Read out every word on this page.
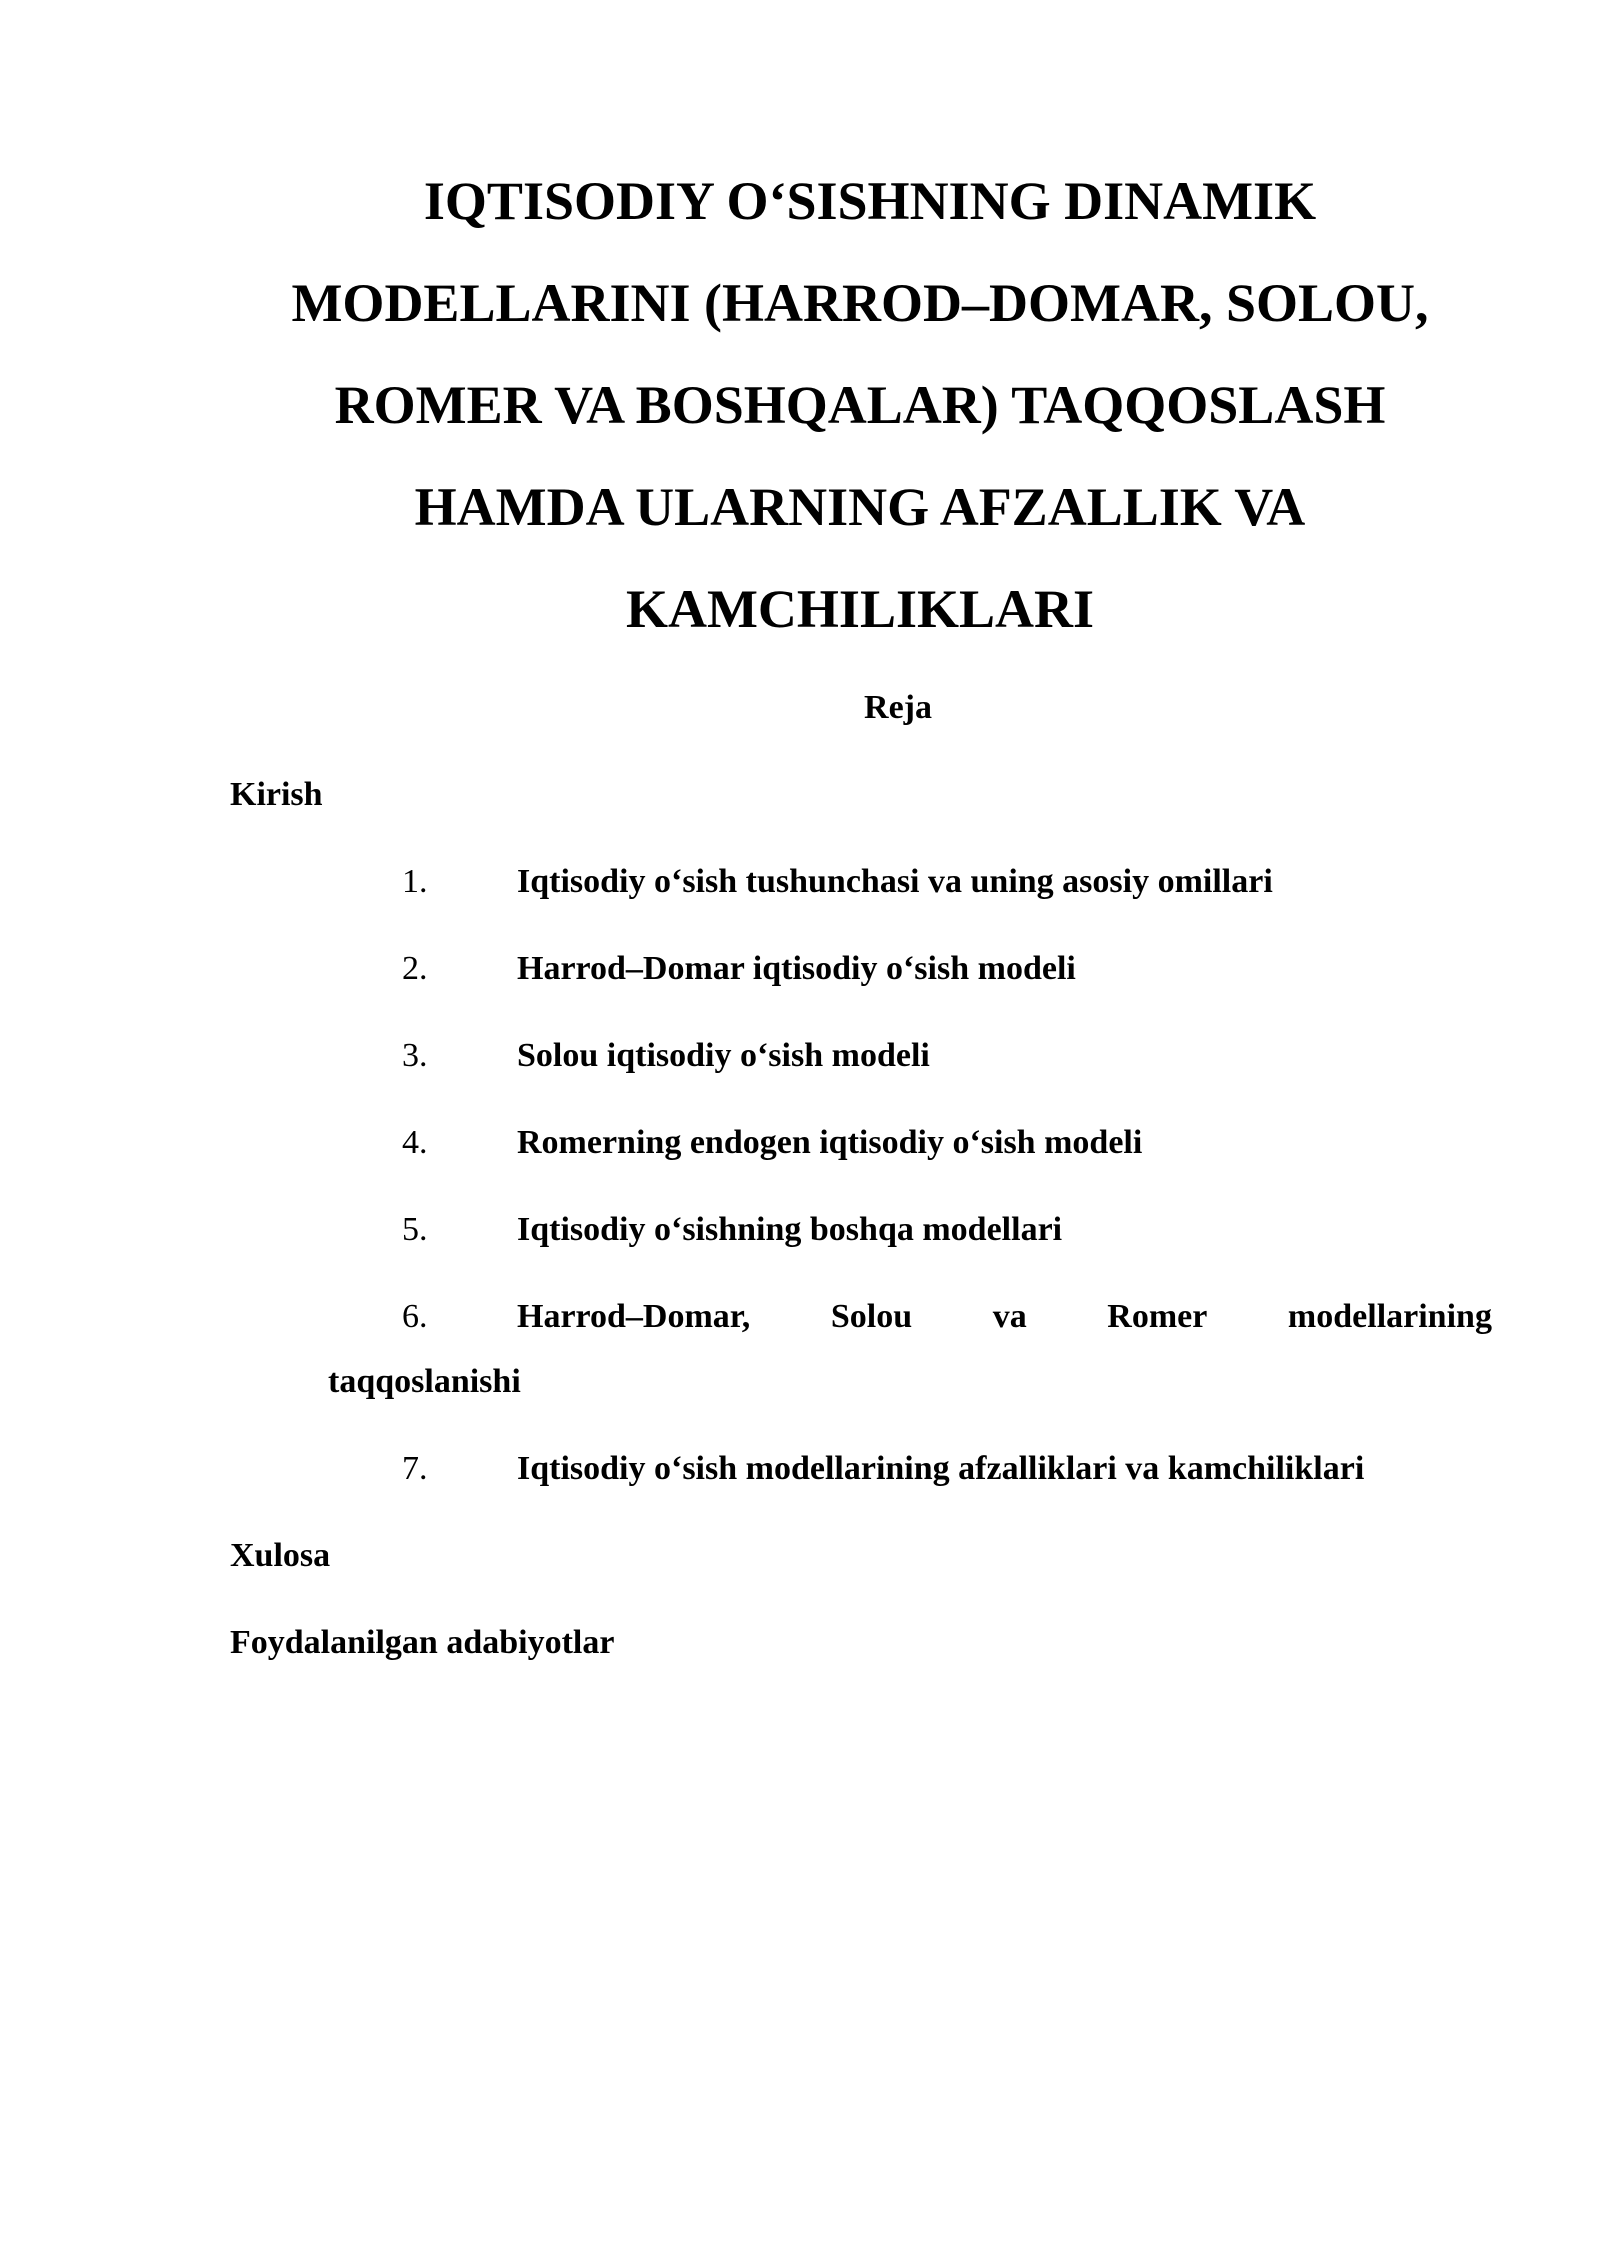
IQTISODIY O‘SISHNING DINAMIK
MODELLARINI (HARROD–DOMAR, SOLOU,
ROMER VA BOSHQALAR) TAQQOSLASH
HAMDA ULARNING AFZALLIK VA
KAMCHILIKLARI
Reja
Kirish
1.	Iqtisodiy o‘sish tushunchasi va uning asosiy omillari
2.	Harrod–Domar iqtisodiy o‘sish modeli
3.	Solou iqtisodiy o‘sish modeli
4.	Romerning endogen iqtisodiy o‘sish modeli
5.	Iqtisodiy o‘sishning boshqa modellari
6.	Harrod–Domar, Solou va Romer modellarining
taqqoslanishi
7.	Iqtisodiy o‘sish modellarining afzalliklari va kamchiliklari
Xulosa
Foydalanilgan adabiyotlar
